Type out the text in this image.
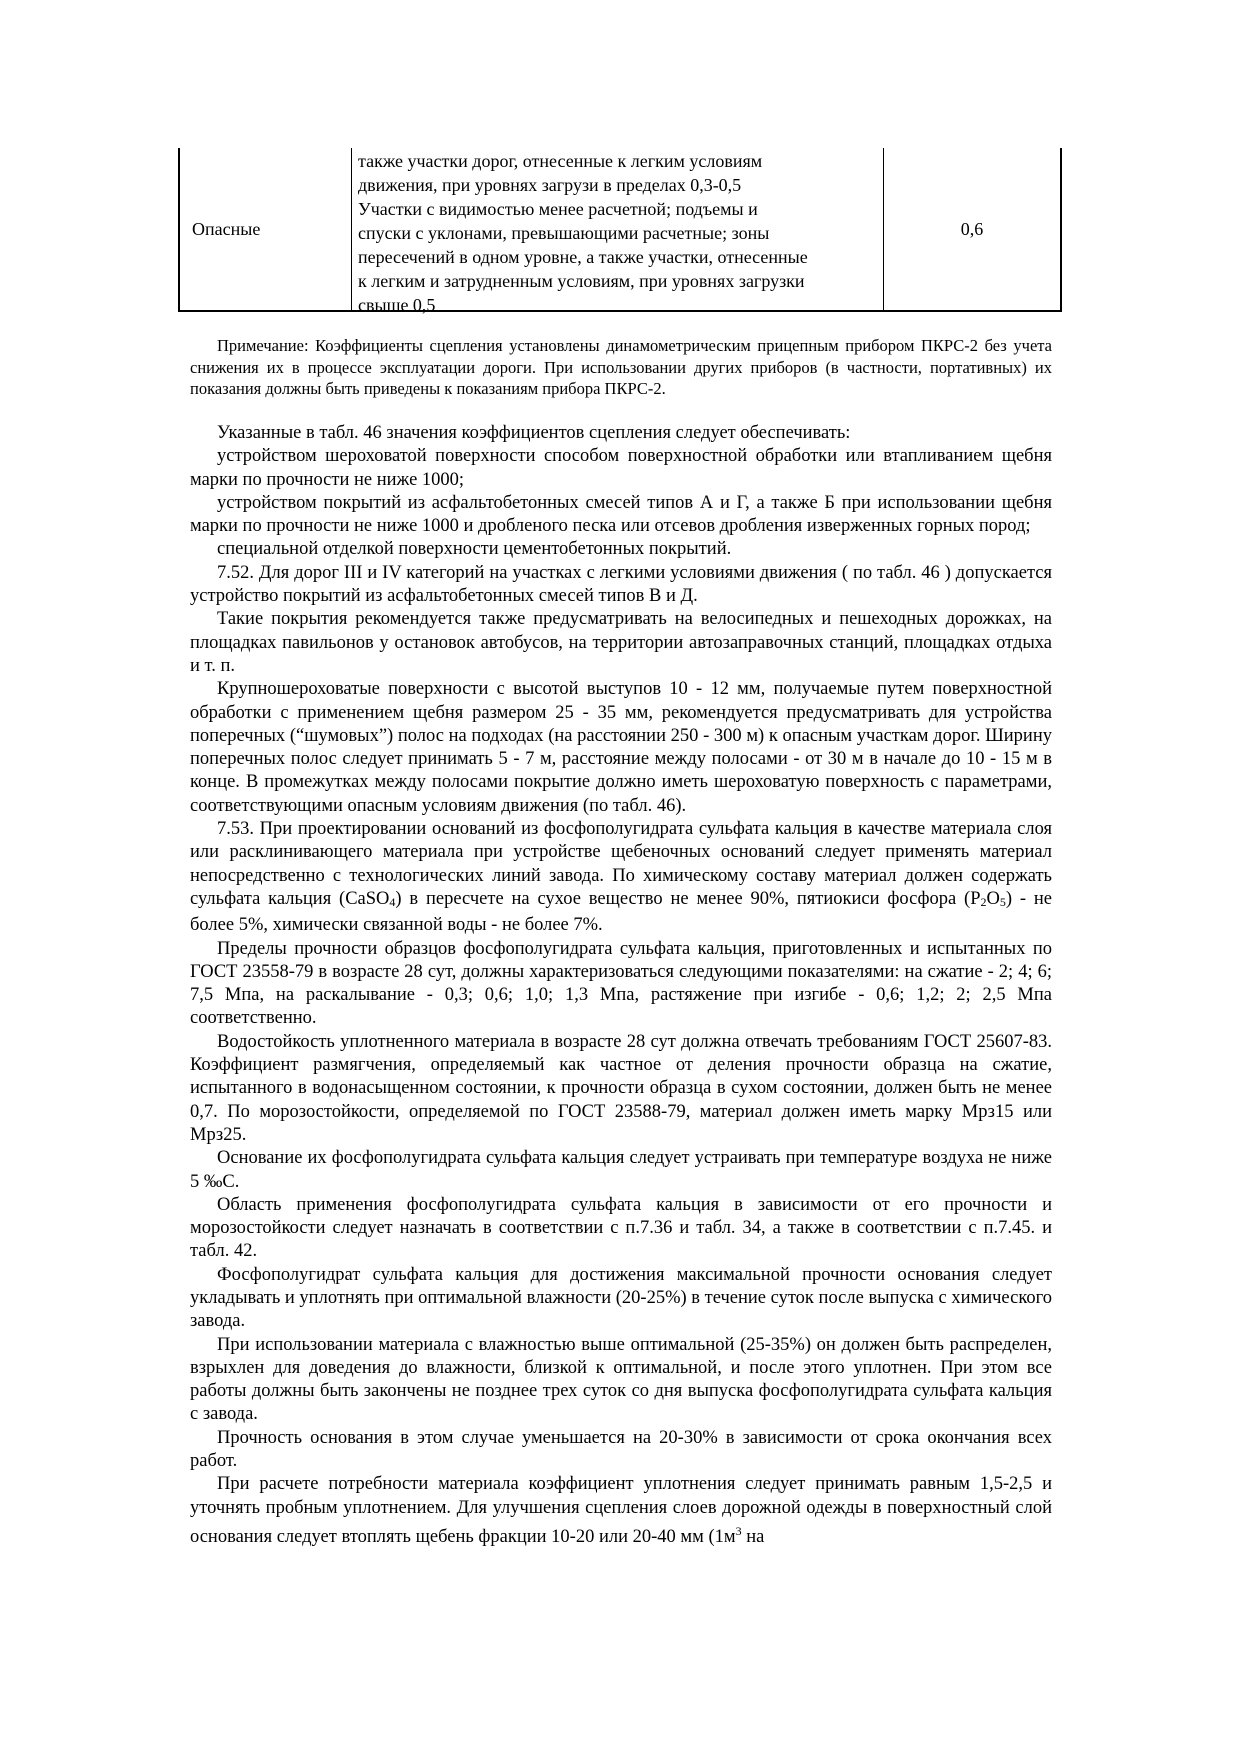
Опасные
также участки дорог, отнесенные к легким условиям
движения, при уровнях загрузи в пределах 0,3-0,5
Участки с видимостью менее расчетной; подъемы и
спуски с уклонами, превышающими расчетные; зоны
пересечений в одном уровне, а также участки, отнесенные
к легким и затрудненным условиям, при уровнях загрузки
свыше 0,5
0,6

Примечание: Коэффициенты сцепления установлены динамометрическим прицепным прибором ПКРС-2 без учета снижения их в процессе эксплуатации дороги. При использовании других приборов (в частности, портативных) их показания должны быть приведены к показаниям прибора ПКРС-2.

Указанные в табл. 46 значения коэффициентов сцепления следует обеспечивать:

устройством шероховатой поверхности способом поверхностной обработки или втапливанием щебня марки по прочности не ниже 1000;

устройством покрытий из асфальтобетонных смесей типов А и Г, а также Б при использовании щебня марки по прочности не ниже 1000 и дробленого песка или отсевов дробления изверженных горных пород;

специальной отделкой поверхности цементобетонных покрытий.

7.52. Для дорог III и IV категорий на участках с легкими условиями движения ( по табл. 46 ) допускается устройство покрытий из асфальтобетонных смесей типов В и Д.

Такие покрытия рекомендуется также предусматривать на велосипедных и пешеходных дорожках, на площадках павильонов у остановок автобусов, на территории автозаправочных станций, площадках отдыха и т. п.

Крупношероховатые поверхности с высотой выступов 10 - 12 мм, получаемые путем поверхностной обработки с применением щебня размером 25 - 35 мм, рекомендуется предусматривать для устройства поперечных (“шумовых”) полос на подходах (на расстоянии 250 - 300 м) к опасным участкам дорог. Ширину поперечных полос следует принимать 5 - 7 м, расстояние между полосами - от 30 м в начале до 10 - 15 м в конце. В промежутках между полосами покрытие должно иметь шероховатую поверхность с параметрами, соответствующими опасным условиям движения (по табл. 46).

7.53. При проектировании оснований из фосфополугидрата сульфата кальция в качестве материала слоя или расклинивающего материала при устройстве щебеночных оснований следует применять материал непосредственно с технологических линий завода. По химическому составу материал должен содержать сульфата кальция (CaSO$_4$) в пересчете на сухое вещество не менее 90%, пятиокиси фосфора $(P_2O_5)$ - не более 5%, химически связанной воды - не более 7%.

Пределы прочности образцов фосфополугидрата сульфата кальция, приготовленных и испытанных по ГОСТ 23558-79 в возрасте 28 сут, должны характеризоваться следующими показателями: на сжатие - 2; 4; 6; 7,5 Мпа, на раскалывание - 0,3; 0,6; 1,0; 1,3 Мпа, растяжение при изгибе - 0,6; 1,2; 2; 2,5 Мпа соответственно.

Водостойкость уплотненного материала в возрасте 28 сут должна отвечать требованиям ГОСТ 25607-83. Коэффициент размягчения, определяемый как частное от деления прочности образца на сжатие, испытанного в водонасыщенном состоянии, к прочности образца в сухом состоянии, должен быть не менее 0,7. По морозостойкости, определяемой по ГОСТ 23588-79, материал должен иметь марку Мрз15 или Мрз25.

Основание их фосфополугидрата сульфата кальция следует устраивать при температуре воздуха не ниже 5 ‰С.

Область применения фосфополугидрата сульфата кальция в зависимости от его прочности и морозостойкости следует назначать в соответствии с п.7.36 и табл. 34, а также в соответствии с п.7.45. и табл. 42.

Фосфополугидрат сульфата кальция для достижения максимальной прочности основания следует укладывать и уплотнять при оптимальной влажности (20-25%) в течение суток после выпуска с химического завода.

При использовании материала с влажностью выше оптимальной (25-35%) он должен быть распределен, взрыхлен для доведения до влажности, близкой к оптимальной, и после этого уплотнен. При этом все работы должны быть закончены не позднее трех суток со дня выпуска фосфополугидрата сульфата кальция с завода.

Прочность основания в этом случае уменьшается на 20-30% в зависимости от срока окончания всех работ.

При расчете потребности материала коэффициент уплотнения следует принимать равным 1,5-2,5 и уточнять пробным уплотнением. Для улучшения сцепления слоев дорожной одежды в поверхностный слой основания следует втоплять щебень фракции 10-20 или 20-40 мм ($1м^3$ на
